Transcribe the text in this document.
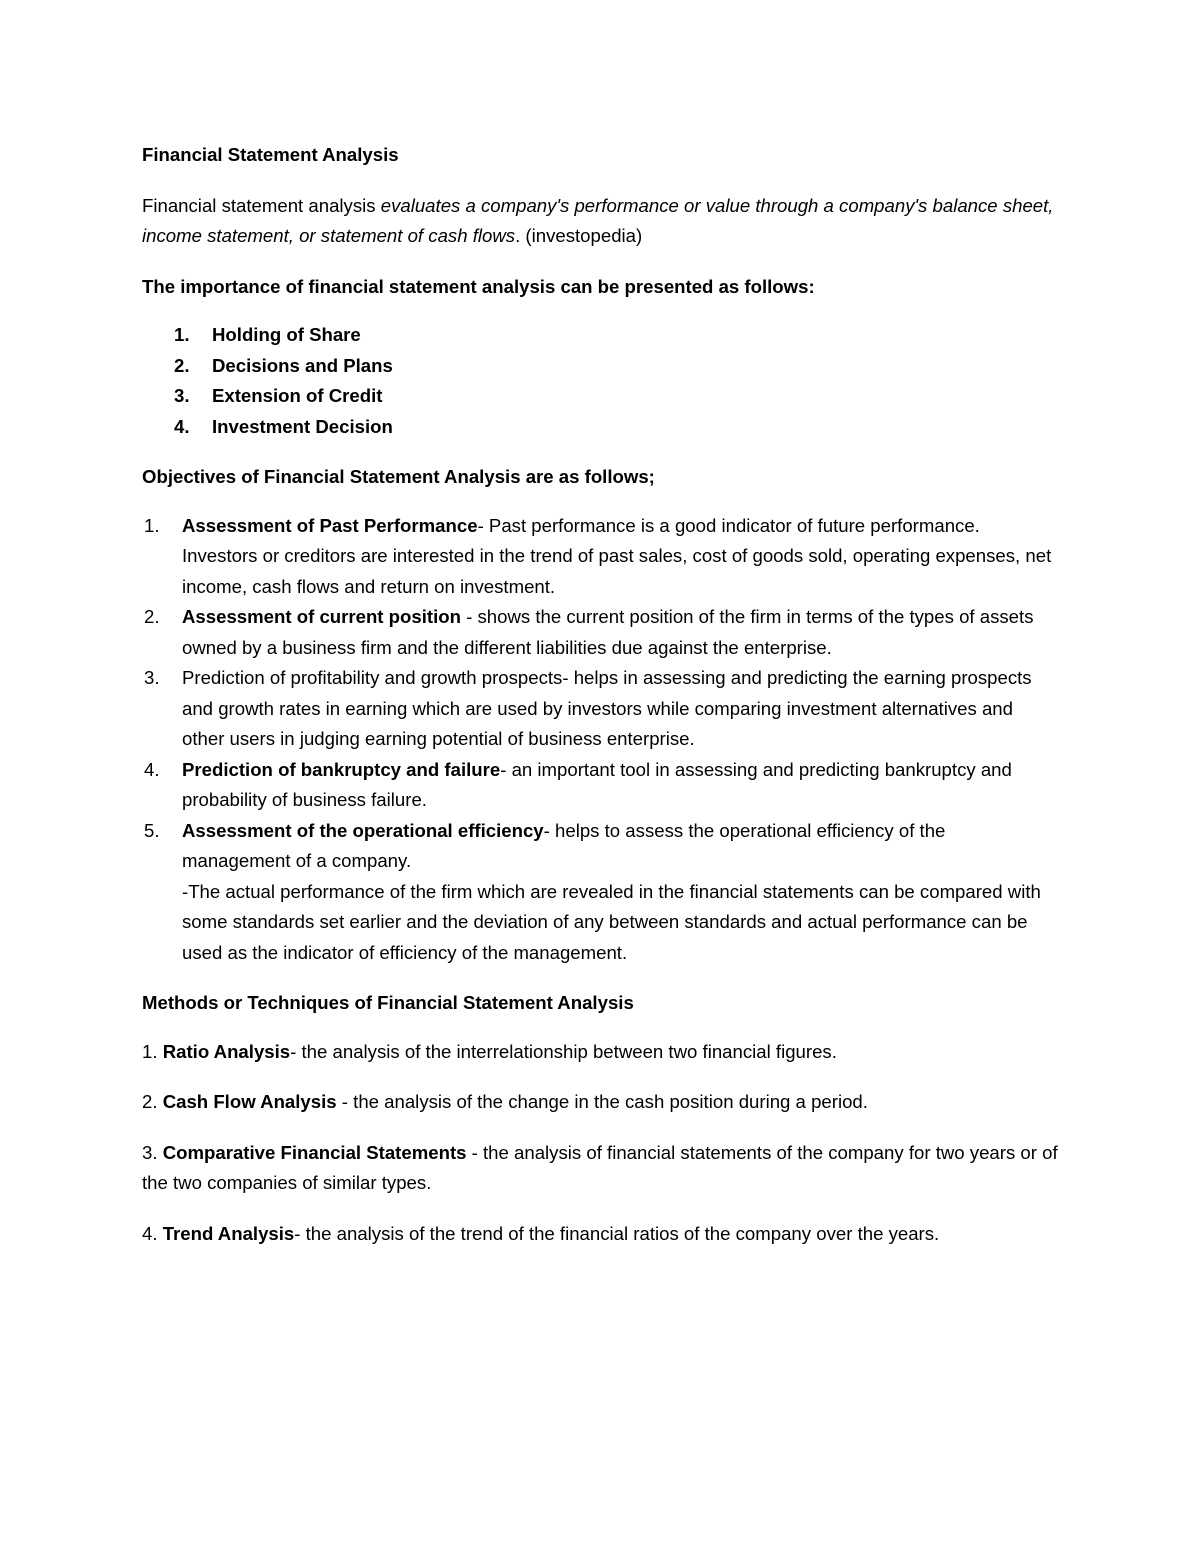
Financial Statement Analysis
Financial statement analysis evaluates a company's performance or value through a company's balance sheet, income statement, or statement of cash flows. (investopedia)
The importance of financial statement analysis can be presented as follows:
1. Holding of Share
2. Decisions and Plans
3. Extension of Credit
4. Investment Decision
Objectives of Financial Statement Analysis are as follows;
1. Assessment of Past Performance- Past performance is a good indicator of future performance. Investors or creditors are interested in the trend of past sales, cost of goods sold, operating expenses, net income, cash flows and return on investment.
2. Assessment of current position - shows the current position of the firm in terms of the types of assets owned by a business firm and the different liabilities due against the enterprise.
3. Prediction of profitability and growth prospects- helps in assessing and predicting the earning prospects and growth rates in earning which are used by investors while comparing investment alternatives and other users in judging earning potential of business enterprise.
4. Prediction of bankruptcy and failure- an important tool in assessing and predicting bankruptcy and probability of business failure.
5. Assessment of the operational efficiency- helps to assess the operational efficiency of the management of a company.
-The actual performance of the firm which are revealed in the financial statements can be compared with some standards set earlier and the deviation of any between standards and actual performance can be used as the indicator of efficiency of the management.
Methods or Techniques of Financial Statement Analysis
1. Ratio Analysis- the analysis of the interrelationship between two financial figures.
2. Cash Flow Analysis - the analysis of the change in the cash position during a period.
3. Comparative Financial Statements - the analysis of financial statements of the company for two years or of the two companies of similar types.
4. Trend Analysis- the analysis of the trend of the financial ratios of the company over the years.
